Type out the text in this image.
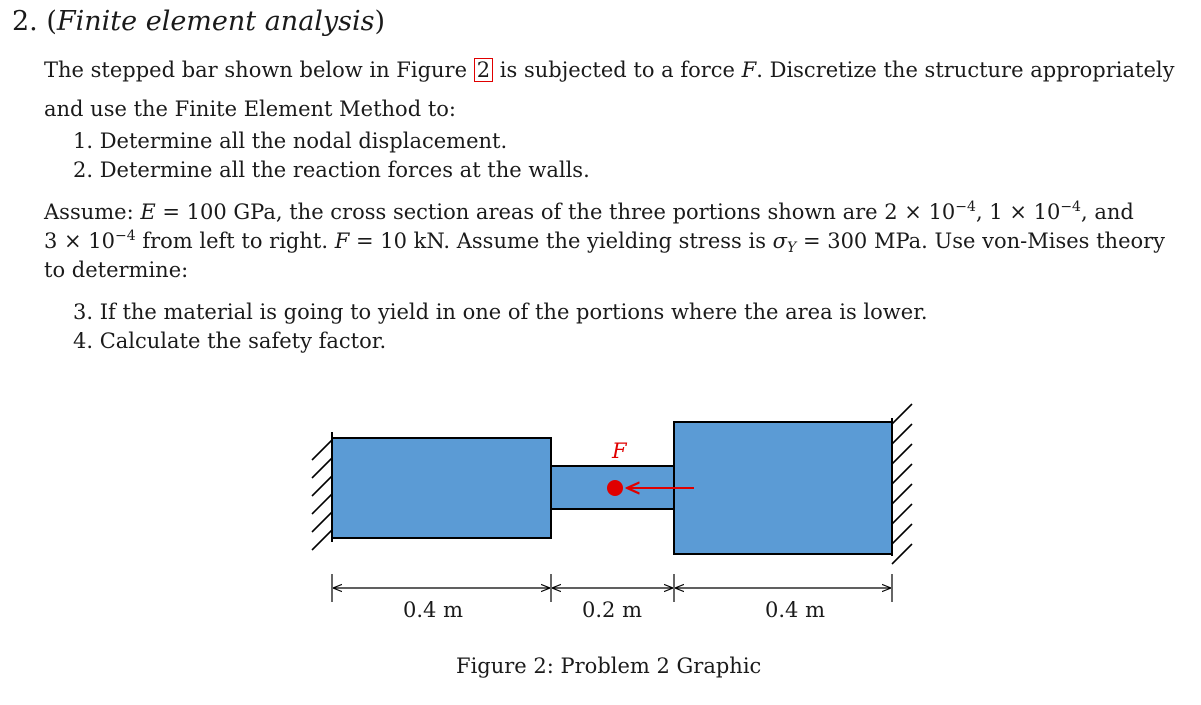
2. (Finite element analysis)
The stepped bar shown below in Figure 2 is subjected to a force F. Discretize the structure appropriately
and use the Finite Element Method to:
1. Determine all the nodal displacement.
2. Determine all the reaction forces at the walls.
Assume: E = 100 GPa, the cross section areas of the three portions shown are $2 \times 10^{-4}$, $1 \times 10^{-4}$, and
$3 \times 10^{-4}$ from left to right. F = 10 kN. Assume the yielding stress is $\sigma_Y = 300$ MPa. Use von-Mises theory
to determine:
3. If the material is going to yield in one of the portions where the area is lower.
4. Calculate the safety factor.
F
0.4 m	0.2 m	0.4 m
Figure 2: Problem 2 Graphic
